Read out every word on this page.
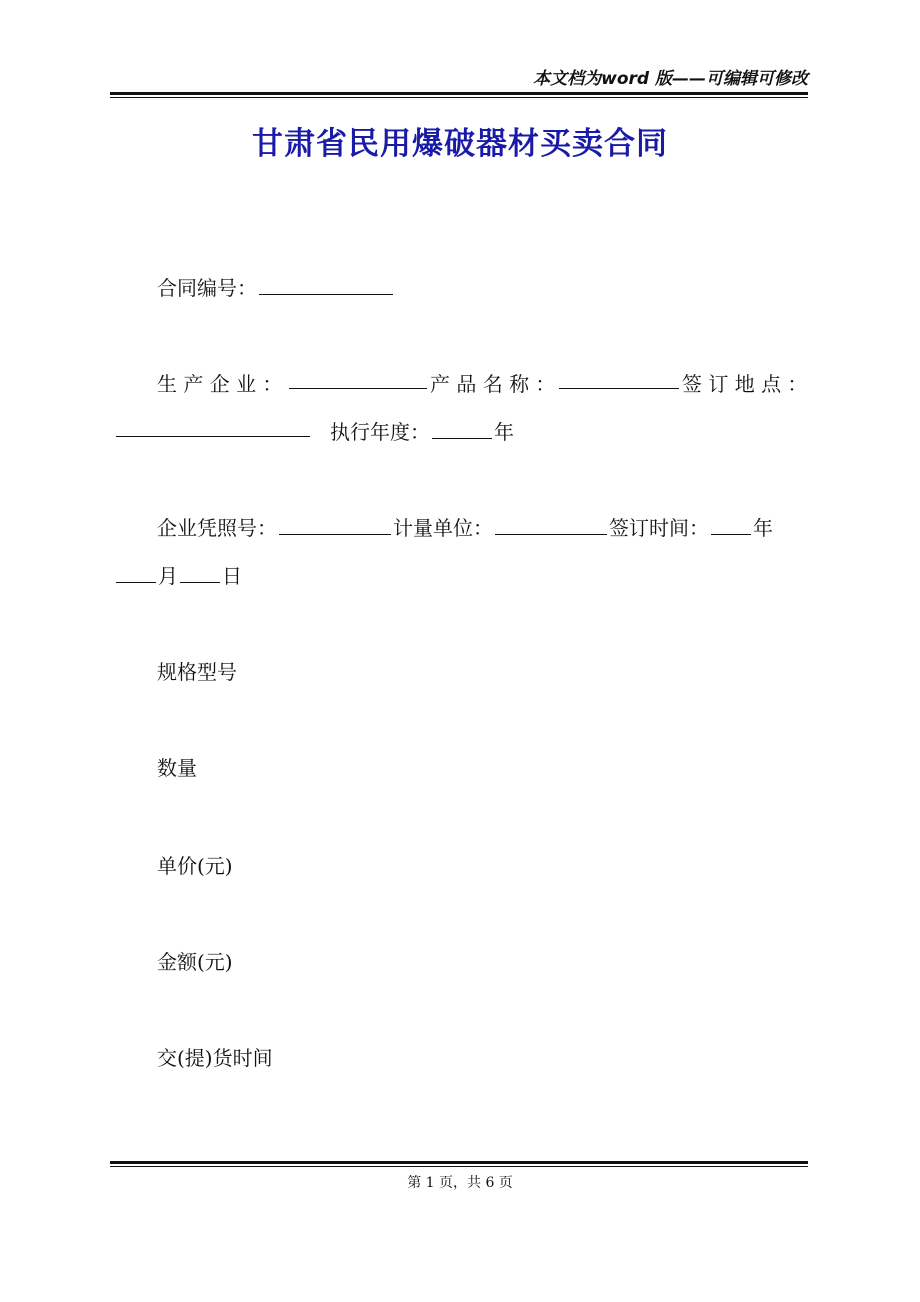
本文档为word 版——可编辑可修改
甘肃省民用爆破器材买卖合同
合同编号：
生 产 企 业 ：	产 品 名 称 ：	签 订 地 点 ：
执行年度：	年
企业凭照号：	计量单位：	签订时间： 年
月 日
规格型号
数量
单价(元)
金额(元)
交(提)货时间
第 1 页，共 6 页
